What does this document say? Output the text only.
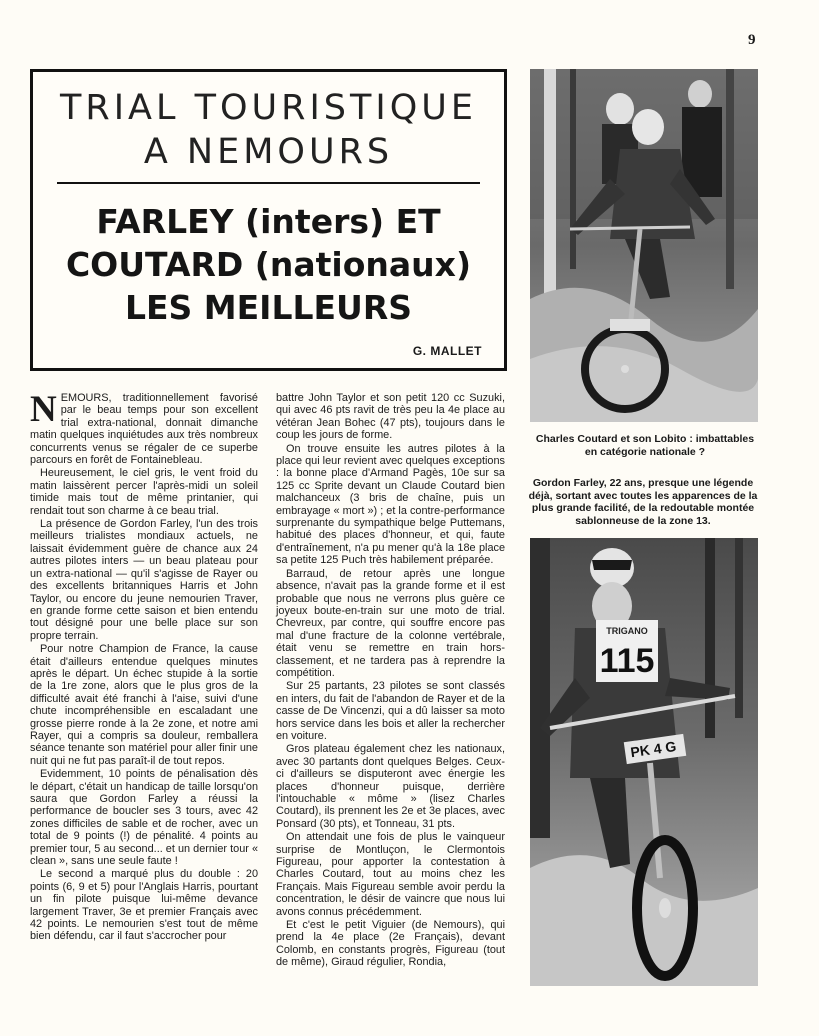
9
TRIAL TOURISTIQUE
A NEMOURS
FARLEY (inters) ET
COUTARD (nationaux)
LES MEILLEURS
G. MALLET

NEMOURS, traditionnellement favorisé par le beau temps pour son excellent trial extra-national, donnait dimanche matin quelques inquiétudes aux très nombreux concurrents venus se régaler de ce superbe parcours en forêt de Fontainebleau.

Heureusement, le ciel gris, le vent froid du matin laissèrent percer l'après-midi un soleil timide mais tout de même printanier, qui rendait tout son charme à ce beau trial.

La présence de Gordon Farley, l'un des trois meilleurs trialistes mondiaux actuels, ne laissait évidemment guère de chance aux 24 autres pilotes inters — un beau plateau pour un extra-national — qu'il s'agisse de Rayer ou des excellents britanniques Harris et John Taylor, ou encore du jeune nemourien Traver, en grande forme cette saison et bien entendu tout désigné pour une belle place sur son propre terrain.

Pour notre Champion de France, la cause était d'ailleurs entendue quelques minutes après le départ. Un échec stupide à la sortie de la 1re zone, alors que le plus gros de la difficulté avait été franchi à l'aise, suivi d'une chute incompréhensible en escaladant une grosse pierre ronde à la 2e zone, et notre ami Rayer, qui a compris sa douleur, remballera séance tenante son matériel pour aller finir une nuit qui ne fut pas paraît-il de tout repos.

Evidemment, 10 points de pénalisation dès le départ, c'était un handicap de taille lorsqu'on saura que Gordon Farley a réussi la performance de boucler ses 3 tours, avec 42 zones difficiles de sable et de rocher, avec un total de 9 points (!) de pénalité. 4 points au premier tour, 5 au second... et un dernier tour « clean », sans une seule faute !

Le second a marqué plus du double : 20 points (6, 9 et 5) pour l'Anglais Harris, pourtant un fin pilote puisque lui-même devance largement Traver, 3e et premier Français avec 42 points. Le nemourien s'est tout de même bien défendu, car il faut s'accrocher pour

battre John Taylor et son petit 120 cc Suzuki, qui avec 46 pts ravit de très peu la 4e place au vétéran Jean Bohec (47 pts), toujours dans le coup les jours de forme.

On trouve ensuite les autres pilotes à la place qui leur revient avec quelques exceptions : la bonne place d'Armand Pagès, 10e sur sa 125 cc Sprite devant un Claude Coutard bien malchanceux (3 bris de chaîne, puis un embrayage « mort ») ; et la contre-performance surprenante du sympathique belge Puttemans, habitué des places d'honneur, et qui, faute d'entraînement, n'a pu mener qu'à la 18e place sa petite 125 Puch très habilement préparée.

Barraud, de retour après une longue absence, n'avait pas la grande forme et il est probable que nous ne verrons plus guère ce joyeux boute-en-train sur une moto de trial. Chevreux, par contre, qui souffre encore pas mal d'une fracture de la colonne vertébrale, était venu se remettre en train hors-classement, et ne tardera pas à reprendre la compétition.

Sur 25 partants, 23 pilotes se sont classés en inters, du fait de l'abandon de Rayer et de la casse de De Vincenzi, qui a dû laisser sa moto hors service dans les bois et aller la rechercher en voiture.

Gros plateau également chez les nationaux, avec 30 partants dont quelques Belges. Ceux-ci d'ailleurs se disputeront avec énergie les places d'honneur puisque, derrière l'intouchable « môme » (lisez Charles Coutard), ils prennent les 2e et 3e places, avec Ponsard (30 pts), et Tonneau, 31 pts.

On attendait une fois de plus le vainqueur surprise de Montluçon, le Clermontois Figureau, pour apporter la contestation à Charles Coutard, tout au moins chez les Français. Mais Figureau semble avoir perdu la concentration, le désir de vaincre que nous lui avons connus précédemment.

Et c'est le petit Viguier (de Nemours), qui prend la 4e place (2e Français), devant Colomb, en constants progrès, Figureau (tout de même), Giraud régulier, Rondia,

Charles Coutard et son Lobito : imbattables en catégorie nationale ?
Gordon Farley, 22 ans, presque une légende déjà, sortant avec toutes les apparences de la plus grande facilité, de la redoutable montée sablonneuse de la zone 13.
TRIGANO
115
PK 4 G
